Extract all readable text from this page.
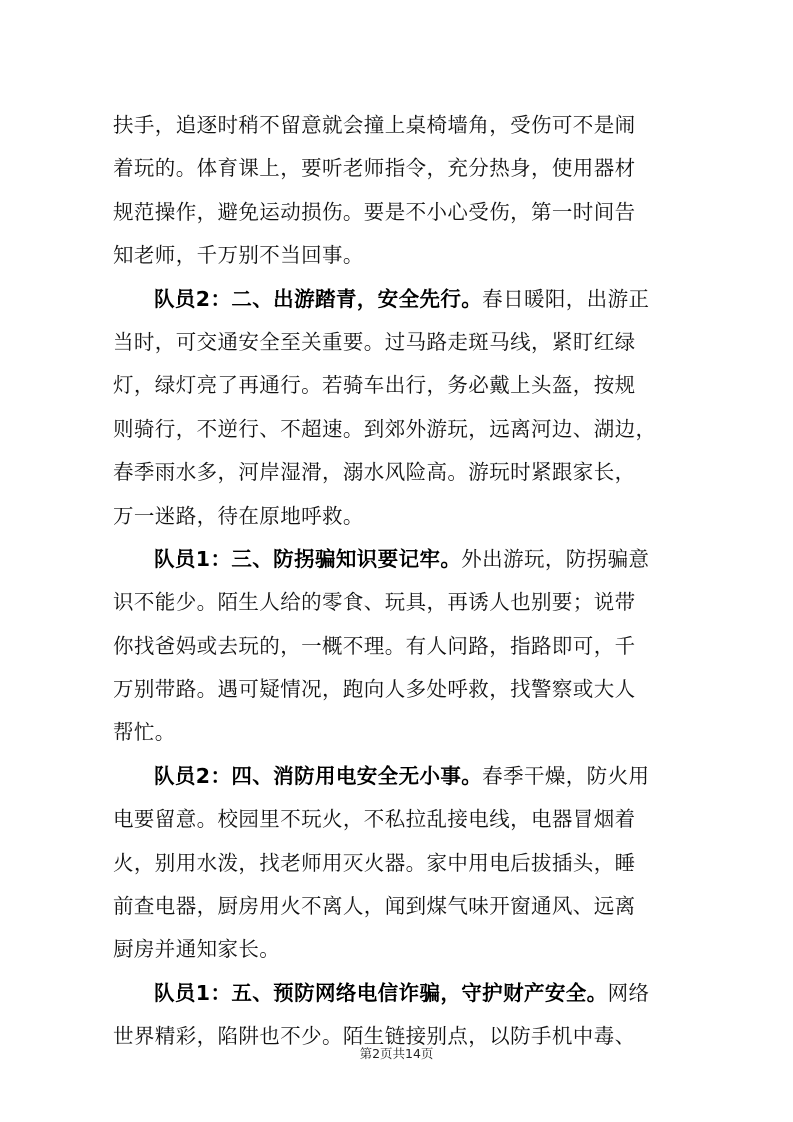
扶手，追逐时稍不留意就会撞上桌椅墙角，受伤可不是闹
着玩的。体育课上，要听老师指令，充分热身，使用器材
规范操作，避免运动损伤。要是不小心受伤，第一时间告
知老师，千万别不当回事。

队员2：二、出游踏青，安全先行。春日暖阳，出游正
当时，可交通安全至关重要。过马路走斑马线，紧盯红绿
灯，绿灯亮了再通行。若骑车出行，务必戴上头盔，按规
则骑行，不逆行、不超速。到郊外游玩，远离河边、湖边，
春季雨水多，河岸湿滑，溺水风险高。游玩时紧跟家长，
万一迷路，待在原地呼救。

队员1：三、防拐骗知识要记牢。外出游玩，防拐骗意
识不能少。陌生人给的零食、玩具，再诱人也别要；说带
你找爸妈或去玩的，一概不理。有人问路，指路即可，千
万别带路。遇可疑情况，跑向人多处呼救，找警察或大人
帮忙。

队员2：四、消防用电安全无小事。春季干燥，防火用
电要留意。校园里不玩火，不私拉乱接电线，电器冒烟着
火，别用水泼，找老师用灭火器。家中用电后拔插头，睡
前查电器，厨房用火不离人，闻到煤气味开窗通风、远离
厨房并通知家长。

队员1：五、预防网络电信诈骗，守护财产安全。网络
世界精彩，陷阱也不少。陌生链接别点，以防手机中毒、

第2页共14页
